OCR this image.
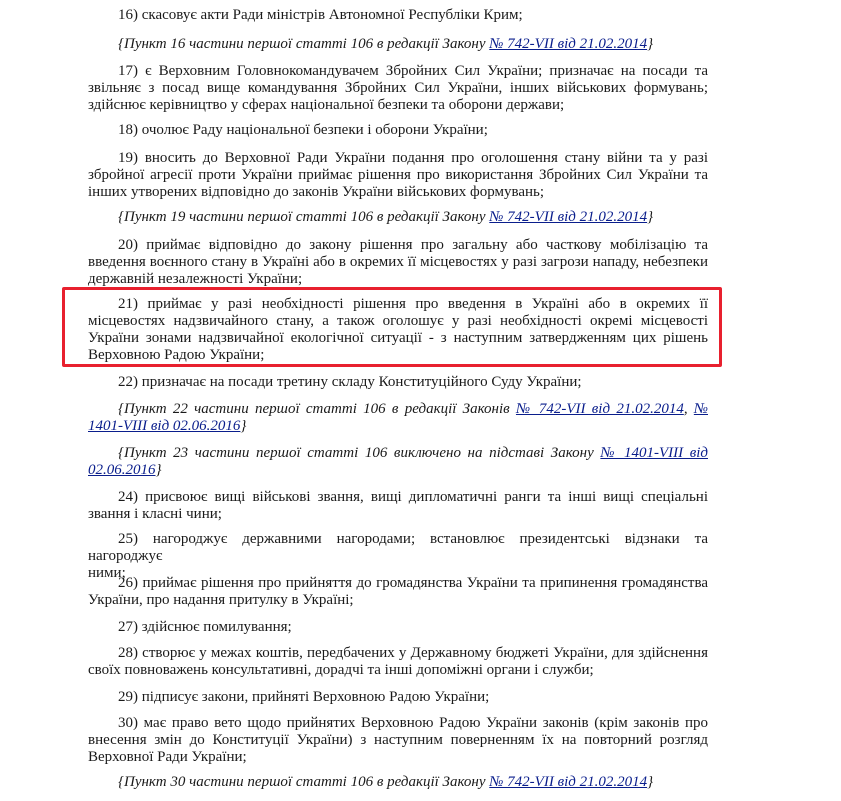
16) скасовує акти Ради міністрів Автономної Республіки Крим;
{Пункт 16 частини першої статті 106 в редакції Закону № 742-VII від 21.02.2014}
17) є Верховним Головнокомандувачем Збройних Сил України; призначає на посади та
звільняє з посад вище командування Збройних Сил України, інших військових формувань;
здійснює керівництво у сферах національної безпеки та оборони держави;
18) очолює Раду національної безпеки і оборони України;
19) вносить до Верховної Ради України подання про оголошення стану війни та у разі
збройної агресії проти України приймає рішення про використання Збройних Сил України та
інших утворених відповідно до законів України військових формувань;
{Пункт 19 частини першої статті 106 в редакції Закону № 742-VII від 21.02.2014}
20) приймає відповідно до закону рішення про загальну або часткову мобілізацію та
введення воєнного стану в Україні або в окремих її місцевостях у разі загрози нападу, небезпеки
державній незалежності України;
21) приймає у разі необхідності рішення про введення в Україні або в окремих її
місцевостях надзвичайного стану, а також оголошує у разі необхідності окремі місцевості
України зонами надзвичайної екологічної ситуації - з наступним затвердженням цих рішень
Верховною Радою України;
22) призначає на посади третину складу Конституційного Суду України;
{Пункт 22 частини першої статті 106 в редакції Законів № 742-VII від 21.02.2014, №
1401-VIII від 02.06.2016}
{Пункт 23 частини першої статті 106 виключено на підставі Закону № 1401-VIII від
02.06.2016}
24) присвоює вищі військові звання, вищі дипломатичні ранги та інші вищі спеціальні
звання і класні чини;
25) нагороджує державними нагородами; встановлює президентські відзнаки та нагороджує
ними;
26) приймає рішення про прийняття до громадянства України та припинення громадянства
України, про надання притулку в Україні;
27) здійснює помилування;
28) створює у межах коштів, передбачених у Державному бюджеті України, для здійснення
своїх повноважень консультативні, дорадчі та інші допоміжні органи і служби;
29) підписує закони, прийняті Верховною Радою України;
30) має право вето щодо прийнятих Верховною Радою України законів (крім законів про
внесення змін до Конституції України) з наступним поверненням їх на повторний розгляд
Верховної Ради України;
{Пункт 30 частини першої статті 106 в редакції Закону № 742-VII від 21.02.2014}
